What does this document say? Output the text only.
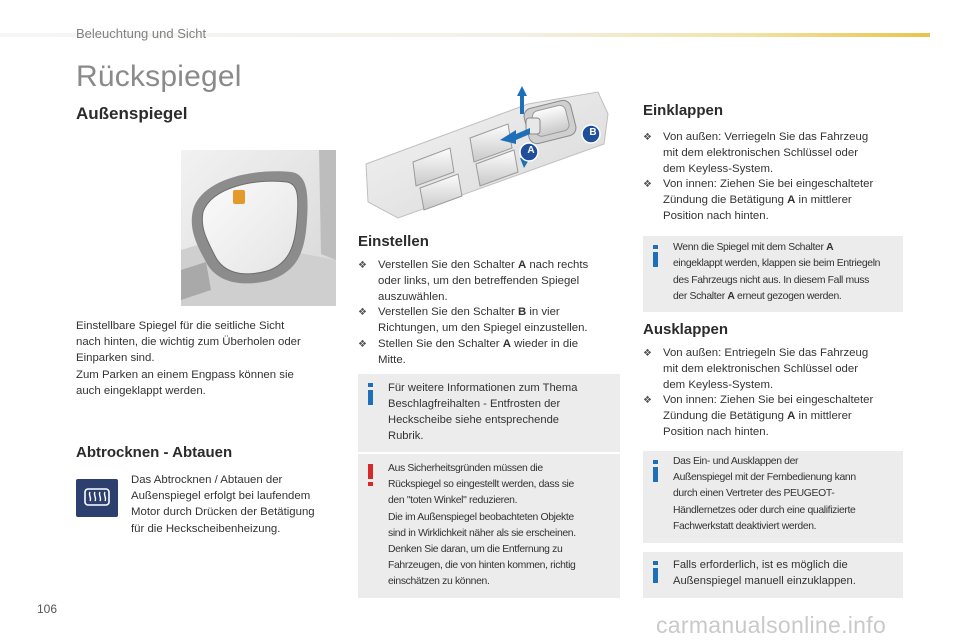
Beleuchtung und Sicht
Rückspiegel
Außenspiegel

Einstellbare Spiegel für die seitliche Sicht

nach hinten, die wichtig zum Überholen oder

Einparken sind.

Zum Parken an einem Engpass können sie

auch eingeklappt werden.

Abtrocknen - Abtauen

Das Abtrocknen / Abtauen der

Außenspiegel erfolgt bei laufendem

Motor durch Drücken der Betätigung

für die Heckscheibenheizung.

A
B
Einstellen
❖ Verstellen Sie den Schalter A nach rechts
oder links, um den betreffenden Spiegel
auszuwählen.
❖ Verstellen Sie den Schalter B in vier
Richtungen, um den Spiegel einzustellen.
❖ Stellen Sie den Schalter A wieder in die
Mitte.
Für weitere Informationen zum Thema
Beschlagfreihalten - Entfrosten der
Heckscheibe siehe entsprechende
Rubrik.
Aus Sicherheitsgründen müssen die
Rückspiegel so eingestellt werden, dass sie
den "toten Winkel" reduzieren.
Die im Außenspiegel beobachteten Objekte
sind in Wirklichkeit näher als sie erscheinen.
Denken Sie daran, um die Entfernung zu
Fahrzeugen, die von hinten kommen, richtig
einschätzen zu können.
Einklappen
❖ Von außen: Verriegeln Sie das Fahrzeug
mit dem elektronischen Schlüssel oder
dem Keyless-System.
❖ Von innen: Ziehen Sie bei eingeschalteter
Zündung die Betätigung A in mittlerer
Position nach hinten.
Wenn die Spiegel mit dem Schalter A
eingeklappt werden, klappen sie beim Entriegeln
des Fahrzeugs nicht aus. In diesem Fall muss
der Schalter A erneut gezogen werden.
Ausklappen
❖ Von außen: Entriegeln Sie das Fahrzeug
mit dem elektronischen Schlüssel oder
dem Keyless-System.
❖ Von innen: Ziehen Sie bei eingeschalteter
Zündung die Betätigung A in mittlerer
Position nach hinten.
Das Ein- und Ausklappen der
Außenspiegel mit der Fernbedienung kann
durch einen Vertreter des PEUGEOT-
Händlernetzes oder durch eine qualifizierte
Fachwerkstatt deaktiviert werden.
Falls erforderlich, ist es möglich die
Außenspiegel manuell einzuklappen.
106
carmanualsonline.info
